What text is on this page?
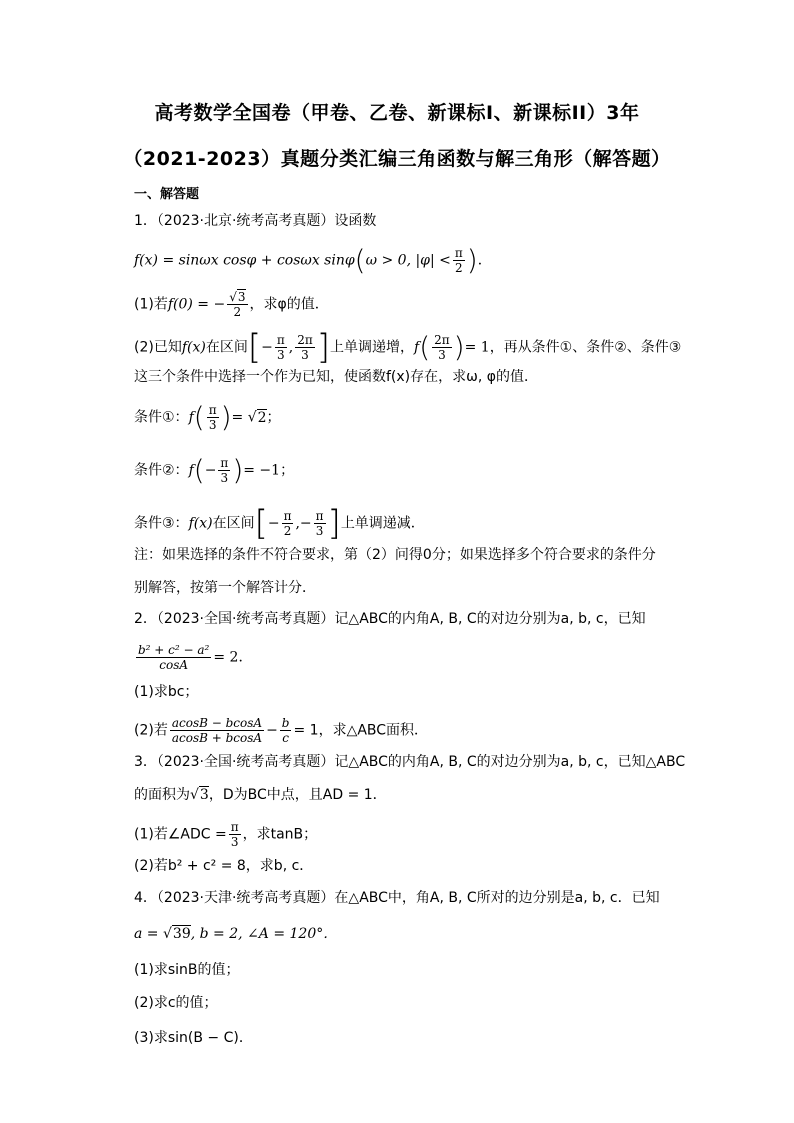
高考数学全国卷（甲卷、乙卷、新课标I、新课标II）3年
（2021-2023）真题分类汇编三角函数与解三角形（解答题）
一、解答题
1．（2023·北京·统考高考真题）设函数
f(x) = sinωx cosφ + cosωx sinφ(ω > 0, $|\varphi| < \frac{\pi}{2}$ )．
(1)若f(0) = − $\frac{√3}{2}$ ，求φ的值．
(2)已知f(x)在区间[− $\frac{\pi}{3}$ , $\frac{2\pi}{3}$ ]上单调递增，$f( \frac{2\pi}{3}$ )= 1，再从条件①、条件②、条件③
这三个条件中选择一个作为已知，使函数f(x)存在，求ω, φ的值．
条件①：$f( \frac{\pi}{3}$ )= √2；
条件②：$f(- \frac{\pi}{3}$ )= −1；
条件③：f(x)在区间[− $\frac{\pi}{2}$ ,− $\frac{\pi}{3}$ ]上单调递减．
注：如果选择的条件不符合要求，第（2）问得0分；如果选择多个符合要求的条件分
别解答，按第一个解答计分．
2．（2023·全国·统考高考真题）记△ABC的内角A, B, C的对边分别为a, b, c，已知
$\frac{\text{b² + c² − a²}}{\cos A} = 2$．
(1)求bc；
(2)若 $\frac{acosB - bcosA}{acosB + bcosA} - \frac{b}{c} = 1$，求△ABC面积．
3．（2023·全国·统考高考真题）记△ABC的内角A, B, C的对边分别为a, b, c，已知△ABC
的面积为√3，D为BC中点，且AD = 1．
(1)若∠ADC = $\frac{\pi}{3}$ ，求tanB；
(2)若b² + c² = 8，求b, c．
4．（2023·天津·统考高考真题）在△ABC中，角A, B, C所对的边分别是a, b, c．已知
a = √39, b = 2, ∠A = 120°．
(1)求sinB的值；
(2)求c的值；
(3)求sin(B − C)．
